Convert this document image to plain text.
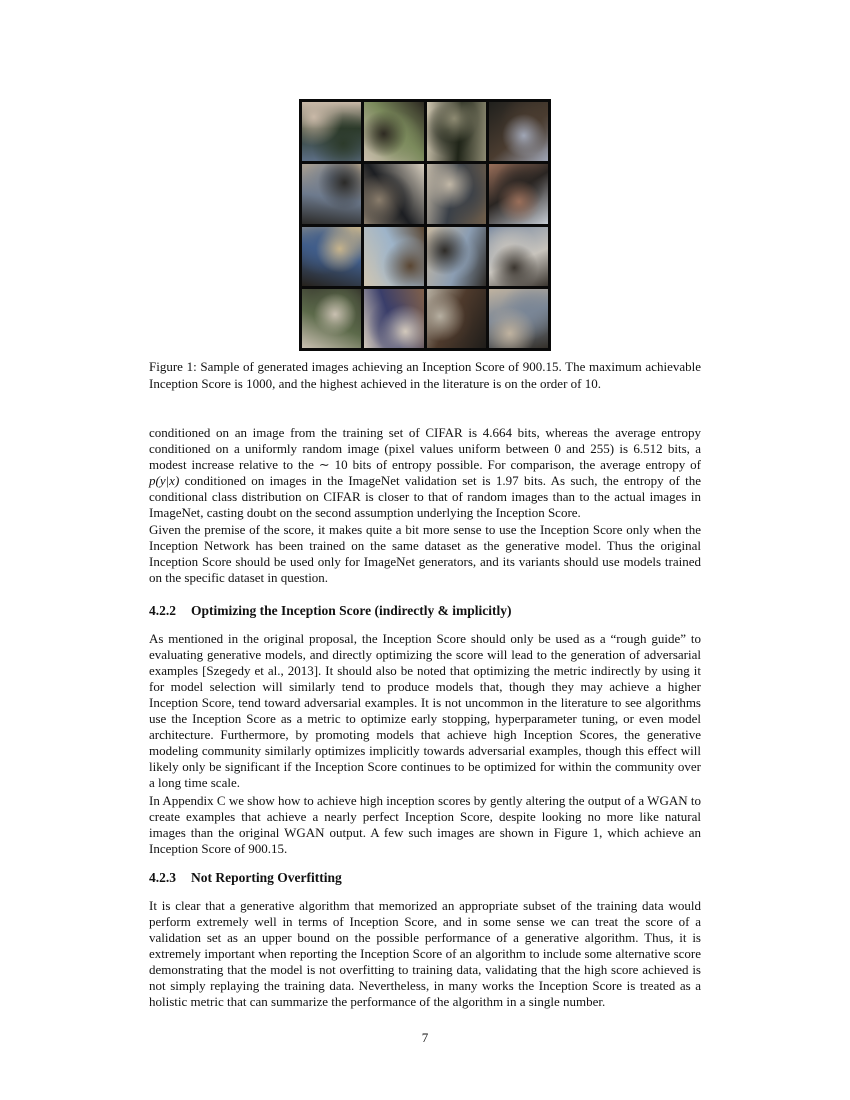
Figure 1: Sample of generated images achieving an Inception Score of 900.15. The maximum achievable Inception Score is 1000, and the highest achieved in the literature is on the order of 10.

conditioned on an image from the training set of CIFAR is 4.664 bits, whereas the average entropy conditioned on a uniformly random image (pixel values uniform between 0 and 255) is 6.512 bits, a modest increase relative to the ∼ 10 bits of entropy possible. For comparison, the average entropy of p(y|x) conditioned on images in the ImageNet validation set is 1.97 bits. As such, the entropy of the conditional class distribution on CIFAR is closer to that of random images than to the actual images in ImageNet, casting doubt on the second assumption underlying the Inception Score.

Given the premise of the score, it makes quite a bit more sense to use the Inception Score only when the Inception Network has been trained on the same dataset as the generative model. Thus the original Inception Score should be used only for ImageNet generators, and its variants should use models trained on the specific dataset in question.

4.2.2 Optimizing the Inception Score (indirectly & implicitly)

As mentioned in the original proposal, the Inception Score should only be used as a “rough guide” to evaluating generative models, and directly optimizing the score will lead to the generation of adversarial examples [Szegedy et al., 2013]. It should also be noted that optimizing the metric indirectly by using it for model selection will similarly tend to produce models that, though they may achieve a higher Inception Score, tend toward adversarial examples. It is not uncommon in the literature to see algorithms use the Inception Score as a metric to optimize early stopping, hyperparameter tuning, or even model architecture. Furthermore, by promoting models that achieve high Inception Scores, the generative modeling community similarly optimizes implicitly towards adversarial examples, though this effect will likely only be significant if the Inception Score continues to be optimized for within the community over a long time scale.

In Appendix C we show how to achieve high inception scores by gently altering the output of a WGAN to create examples that achieve a nearly perfect Inception Score, despite looking no more like natural images than the original WGAN output. A few such images are shown in Figure 1, which achieve an Inception Score of 900.15.

4.2.3 Not Reporting Overfitting

It is clear that a generative algorithm that memorized an appropriate subset of the training data would perform extremely well in terms of Inception Score, and in some sense we can treat the score of a validation set as an upper bound on the possible performance of a generative algorithm. Thus, it is extremely important when reporting the Inception Score of an algorithm to include some alternative score demonstrating that the model is not overfitting to training data, validating that the high score achieved is not simply replaying the training data. Nevertheless, in many works the Inception Score is treated as a holistic metric that can summarize the performance of the algorithm in a single number.

7
